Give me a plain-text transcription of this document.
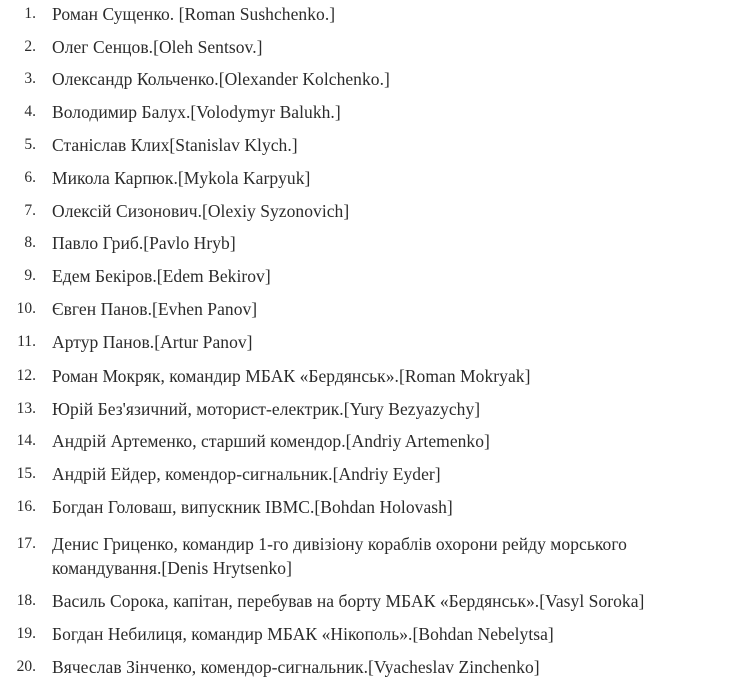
1. Роман Сущенко. [Roman Sushchenko.]
2. Олег Сенцов.[Oleh Sentsov.]
3. Олександр Кольченко.[Olexander Kolchenko.]
4. Володимир Балух.[Volodymyr Balukh.]
5. Станіслав Клих[Stanislav Klych.]
6. Микола Карпюк.[Mykola Karpyuk]
7. Олексій Сизонович.[Olexiy Syzonovich]
8. Павло Гриб.[Pavlo Hryb]
9. Едем Бекіров.[Edem Bekirov]
10. Євген Панов.[Evhen Panov]
11. Артур Панов.[Artur Panov]
12. Роман Мокряк, командир МБАК «Бердянськ».[Roman Mokryak]
13. Юрій Без'язичний, моторист-електрик.[Yury Bezyazychy]
14. Андрій Артеменко, старший комендор.[Andriy Artemenko]
15. Андрій Ейдер, комендор-сигнальник.[Andriy Eyder]
16. Богдан Головаш, випускник ІВМС.[Bohdan Holovash]
17. Денис Гриценко, командир 1-го дивізіону кораблів охорони рейду морського командування.[Denis Hrytsenko]
18. Василь Сорока, капітан, перебував на борту МБАК «Бердянськ».[Vasyl Soroka]
19. Богдан Небилиця, командир МБАК «Нікополь».[Bohdan Nebelytsa]
20. Вячеслав Зінченко, комендор-сигнальник.[Vyacheslav Zinchenko]
